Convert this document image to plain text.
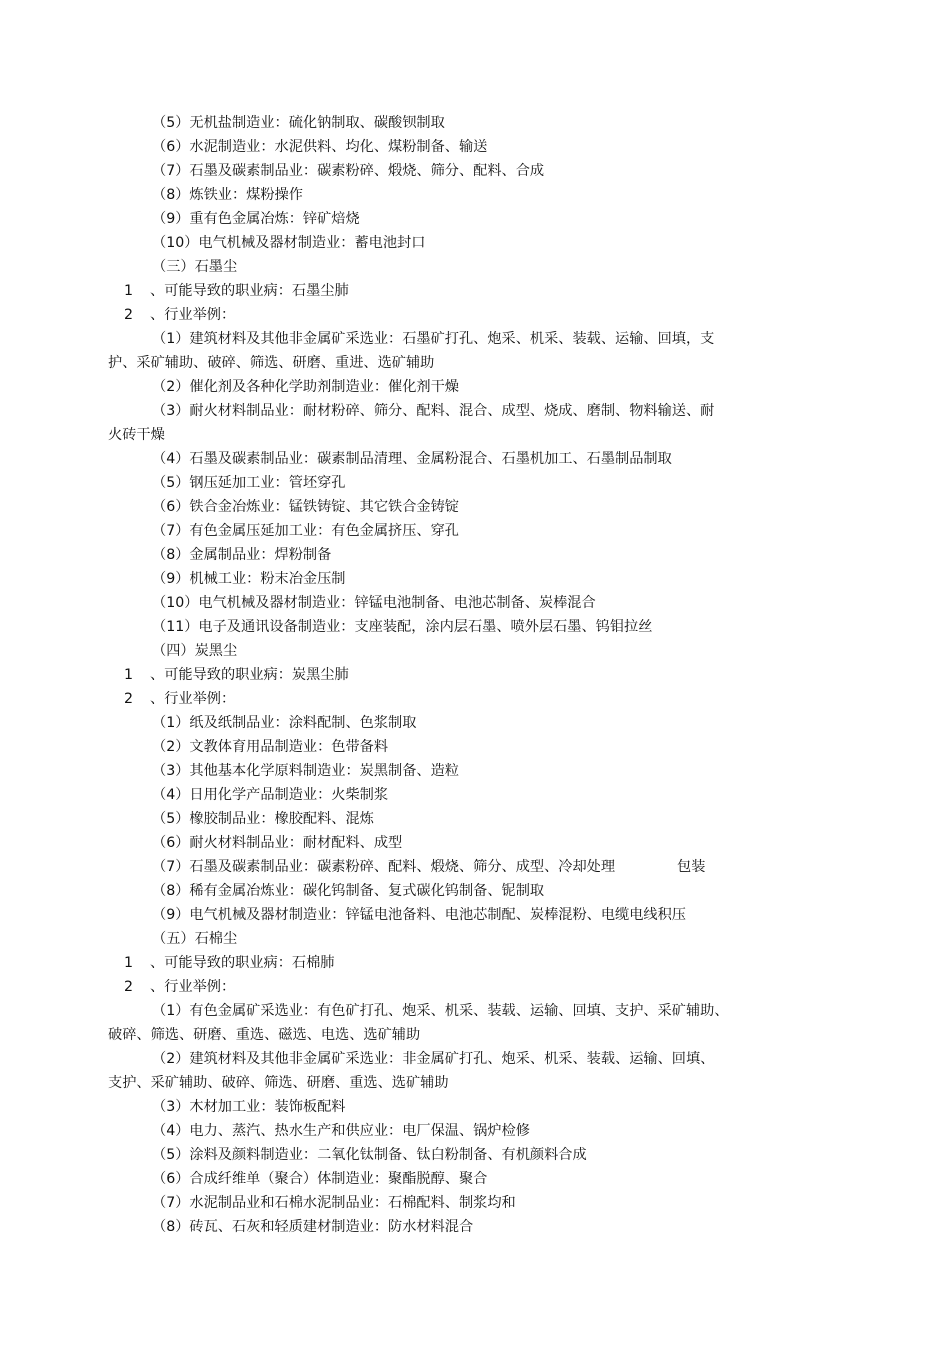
（5）无机盐制造业：硫化钠制取、碳酸钡制取
（6）水泥制造业：水泥供料、均化、煤粉制备、输送
（7）石墨及碳素制品业：碳素粉碎、煅烧、筛分、配料、合成
（8）炼铁业：煤粉操作
（9）重有色金属冶炼：锌矿焙烧
（10）电气机械及器材制造业：蓄电池封口
（三）石墨尘
1 、可能导致的职业病：石墨尘肺
2 、行业举例：
（1）建筑材料及其他非金属矿采选业：石墨矿打孔、炮采、机采、装载、运输、回填，支
护、采矿辅助、破碎、筛选、研磨、重进、选矿辅助
（2）催化剂及各种化学助剂制造业：催化剂干燥
（3）耐火材料制品业：耐材粉碎、筛分、配料、混合、成型、烧成、磨制、物料输送、耐
火砖干燥
（4）石墨及碳素制品业：碳素制品清理、金属粉混合、石墨机加工、石墨制品制取
（5）钢压延加工业：管坯穿孔
（6）铁合金冶炼业：锰铁铸锭、其它铁合金铸锭
（7）有色金属压延加工业：有色金属挤压、穿孔
（8）金属制品业：焊粉制备
（9）机械工业：粉末冶金压制
（10）电气机械及器材制造业：锌锰电池制备、电池芯制备、炭棒混合
（11）电子及通讯设备制造业：支座装配，涂内层石墨、喷外层石墨、钨钼拉丝
（四）炭黑尘
1 、可能导致的职业病：炭黑尘肺
2 、行业举例：
（1）纸及纸制品业：涂料配制、色浆制取
（2）文教体育用品制造业：色带备料
（3）其他基本化学原料制造业：炭黑制备、造粒
（4）日用化学产品制造业：火柴制浆
（5）橡胶制品业：橡胶配料、混炼
（6）耐火材料制品业：耐材配料、成型
（7）石墨及碳素制品业：碳素粉碎、配料、煅烧、筛分、成型、冷却处理	包装
（8）稀有金属冶炼业：碳化钨制备、复式碳化钨制备、铌制取
（9）电气机械及器材制造业：锌锰电池备料、电池芯制配、炭棒混粉、电缆电线积压
（五）石棉尘
1 、可能导致的职业病：石棉肺
2 、行业举例：
（1）有色金属矿采选业：有色矿打孔、炮采、机采、装载、运输、回填、支护、采矿辅助、
破碎、筛选、研磨、重选、磁选、电选、选矿辅助
（2）建筑材料及其他非金属矿采选业：非金属矿打孔、炮采、机采、装载、运输、回填、
支护、采矿辅助、破碎、筛选、研磨、重选、选矿辅助
（3）木材加工业：装饰板配料
（4）电力、蒸汽、热水生产和供应业：电厂保温、锅炉检修
（5）涂料及颜料制造业：二氧化钛制备、钛白粉制备、有机颜料合成
（6）合成纤维单（聚合）体制造业：聚酯脱醇、聚合
（7）水泥制品业和石棉水泥制品业：石棉配料、制浆均和
（8）砖瓦、石灰和轻质建材制造业：防水材料混合
